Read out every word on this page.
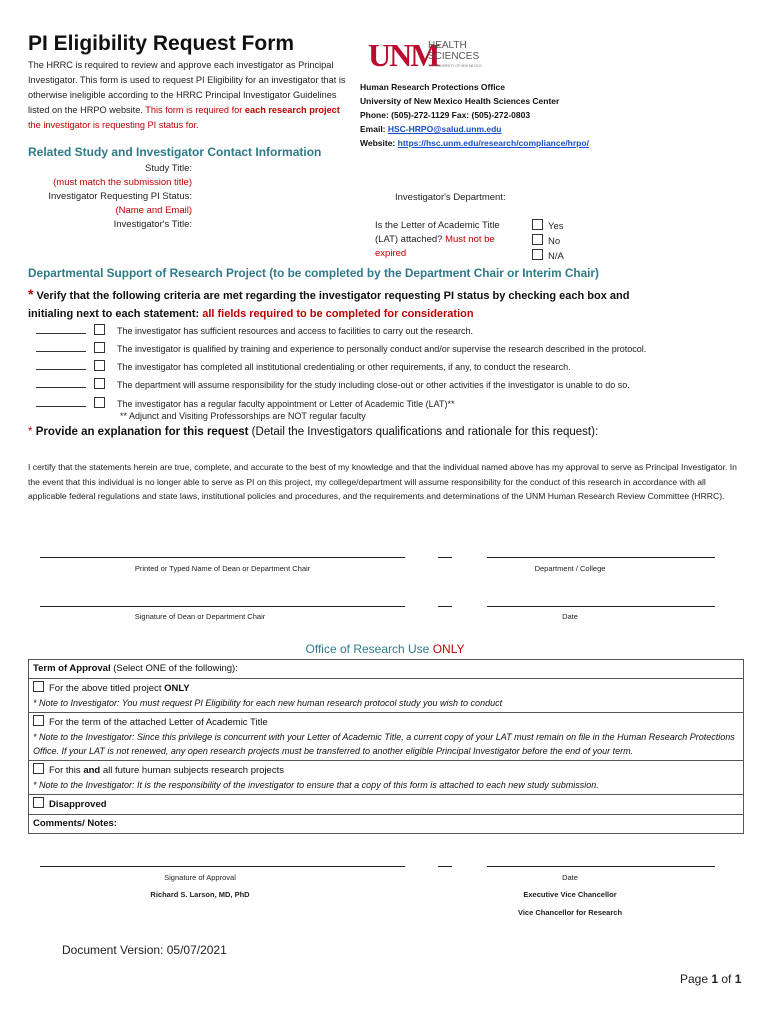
PI Eligibility Request Form
The HRRC is required to review and approve each investigator as Principal Investigator. This form is used to request PI Eligibility for an investigator that is otherwise ineligible according to the HRRC Principal Investigator Guidelines listed on the HRPO website. This form is required for each research project the investigator is requesting PI status for.
UNM
HEALTH
SCIENCES
THE UNIVERSITY OF NEW MEXICO
Human Research Protections Office
University of New Mexico Health Sciences Center
Phone: (505)-272-1129 Fax: (505)-272-0803
Email: HSC-HRPO@salud.unm.edu
Website: https://hsc.unm.edu/research/compliance/hrpo/
Related Study and Investigator Contact Information
Study Title:
(must match the submission title)
Investigator Requesting PI Status:
(Name and Email)
Investigator's Title:
Investigator's Department:
Is the Letter of Academic Title
(LAT) attached? Must not be
expired
Yes
No
N/A
Departmental Support of Research Project (to be completed by the Department Chair or Interim Chair)
* Verify that the following criteria are met regarding the investigator requesting PI status by checking each box and
initialing next to each statement: all fields required to be completed for consideration
The investigator has sufficient resources and access to facilities to carry out the research.
The investigator is qualified by training and experience to personally conduct and/or supervise the research described in the protocol.
The investigator has completed all institutional credentialing or other requirements, if any, to conduct the research.
The department will assume responsibility for the study including close-out or other activities if the investigator is unable to do so.
The investigator has a regular faculty appointment or Letter of Academic Title (LAT)**
** Adjunct and Visiting Professorships are NOT regular faculty
* Provide an explanation for this request (Detail the Investigators qualifications and rationale for this request):
I certify that the statements herein are true, complete, and accurate to the best of my knowledge and that the individual named above has my approval to serve as Principal Investigator. In the event that this individual is no longer able to serve as PI on this project, my college/department will assume responsibility for the conduct of this research in accordance with all applicable federal regulations and state laws, institutional policies and procedures, and the requirements and determinations of the UNM Human Research Review Committee (HRRC).
Printed or Typed Name of Dean or Department Chair	Department / College
Signature of Dean or Department Chair	Date
Office of Research Use ONLY
Term of Approval (Select ONE of the following):
For the above titled project ONLY
* Note to Investigator: You must request PI Eligibility for each new human research protocol study you wish to conduct
For the term of the attached Letter of Academic Title
* Note to the Investigator: Since this privilege is concurrent with your Letter of Academic Title, a current copy of your LAT must remain on file in the Human Research Protections Office. If your LAT is not renewed, any open research projects must be transferred to another eligible Principal Investigator before the end of your term.
For this and all future human subjects research projects
* Note to the Investigator: It is the responsibility of the investigator to ensure that a copy of this form is attached to each new study submission.
Disapproved
Comments/ Notes:
Signature of Approval
Richard S. Larson, MD, PhD
Date
Executive Vice Chancellor
Vice Chancellor for Research
Document Version: 05/07/2021
Page 1 of 1
